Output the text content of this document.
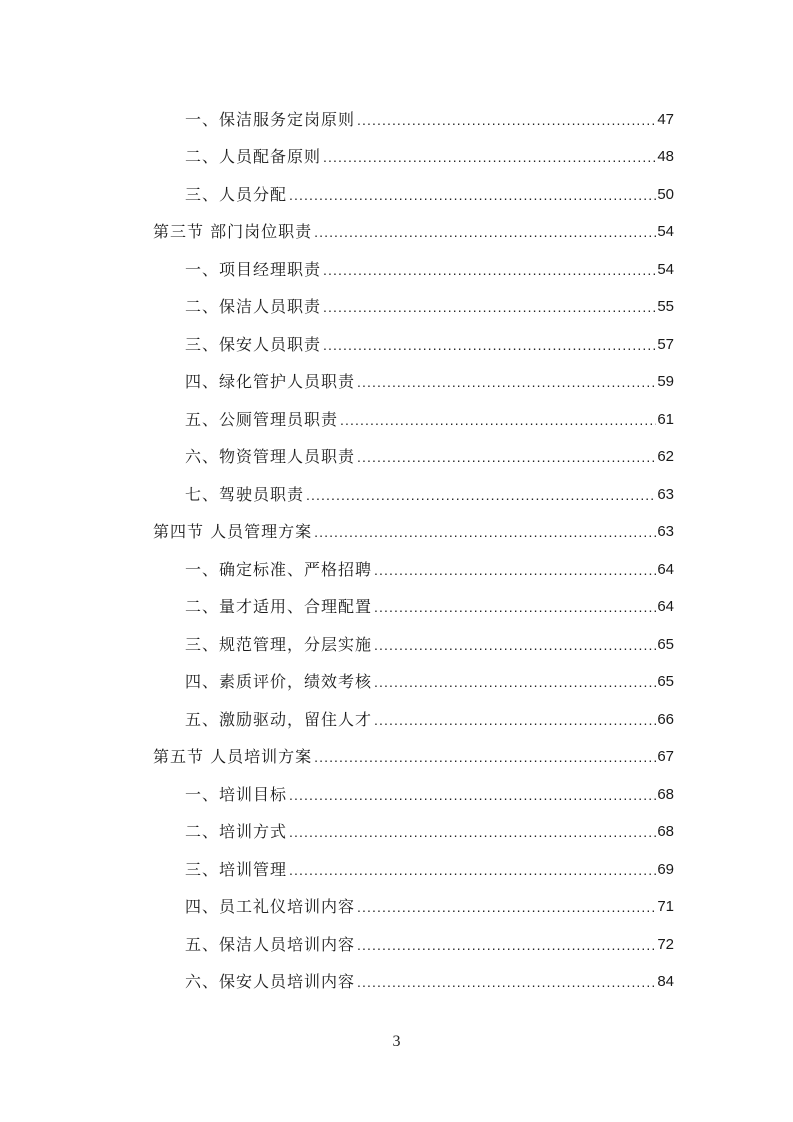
一、保洁服务定岗原则 .....	47
二、人员配备原则 .....	48
三、人员分配 .....	50
第三节 部门岗位职责 .....	54
一、项目经理职责 .....	54
二、保洁人员职责 .....	55
三、保安人员职责 .....	57
四、绿化管护人员职责 .....	59
五、公厕管理员职责 .....	61
六、物资管理人员职责 .....	62
七、驾驶员职责 .....	63
第四节 人员管理方案 .....	63
一、确定标准、严格招聘 .....	64
二、量才适用、合理配置 .....	64
三、规范管理，分层实施 .....	65
四、素质评价，绩效考核 .....	65
五、激励驱动，留住人才 .....	66
第五节 人员培训方案 .....	67
一、培训目标 .....	68
二、培训方式 .....	68
三、培训管理 .....	69
四、员工礼仪培训内容 .....	71
五、保洁人员培训内容 .....	72
六、保安人员培训内容 .....	84
3
